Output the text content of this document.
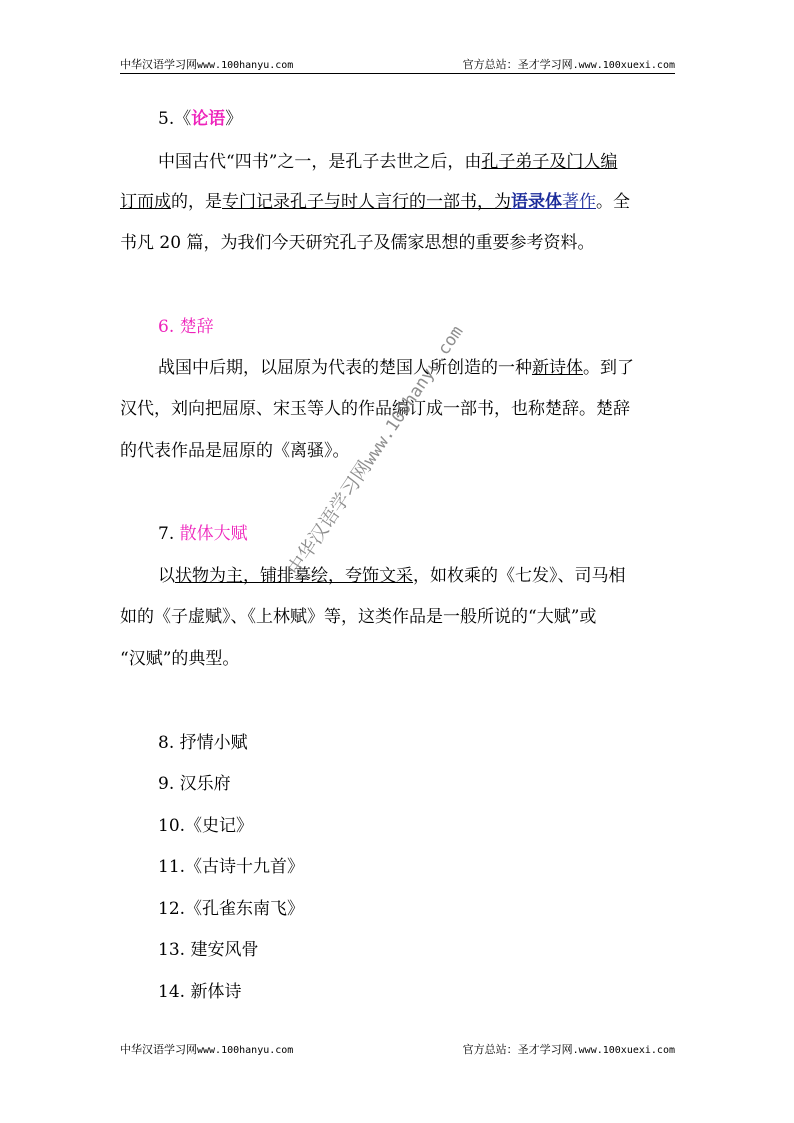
中华汉语学习网www.100hanyu.com	官方总站：圣才学习网.www.100xuexi.com
5.《论语》
中国古代“四书”之一，是孔子去世之后，由孔子弟子及门人编
订而成的，是专门记录孔子与时人言行的一部书，为语录体著作。全
书凡 20 篇，为我们今天研究孔子及儒家思想的重要参考资料。
6. 楚辞
战国中后期，以屈原为代表的楚国人所创造的一种新诗体。到了
汉代，刘向把屈原、宋玉等人的作品编订成一部书，也称楚辞。楚辞
的代表作品是屈原的《离骚》。
7. 散体大赋
以状物为主，铺排摹绘，夸饰文采，如枚乘的《七发》、司马相
如的《子虚赋》、《上林赋》等，这类作品是一般所说的“大赋”或
“汉赋”的典型。
8. 抒情小赋
9. 汉乐府
10.《史记》
11.《古诗十九首》
12.《孔雀东南飞》
13. 建安风骨
14. 新体诗
中华汉语学习网www.100hanyu.com
中华汉语学习网www.100hanyu.com	官方总站：圣才学习网.www.100xuexi.com
